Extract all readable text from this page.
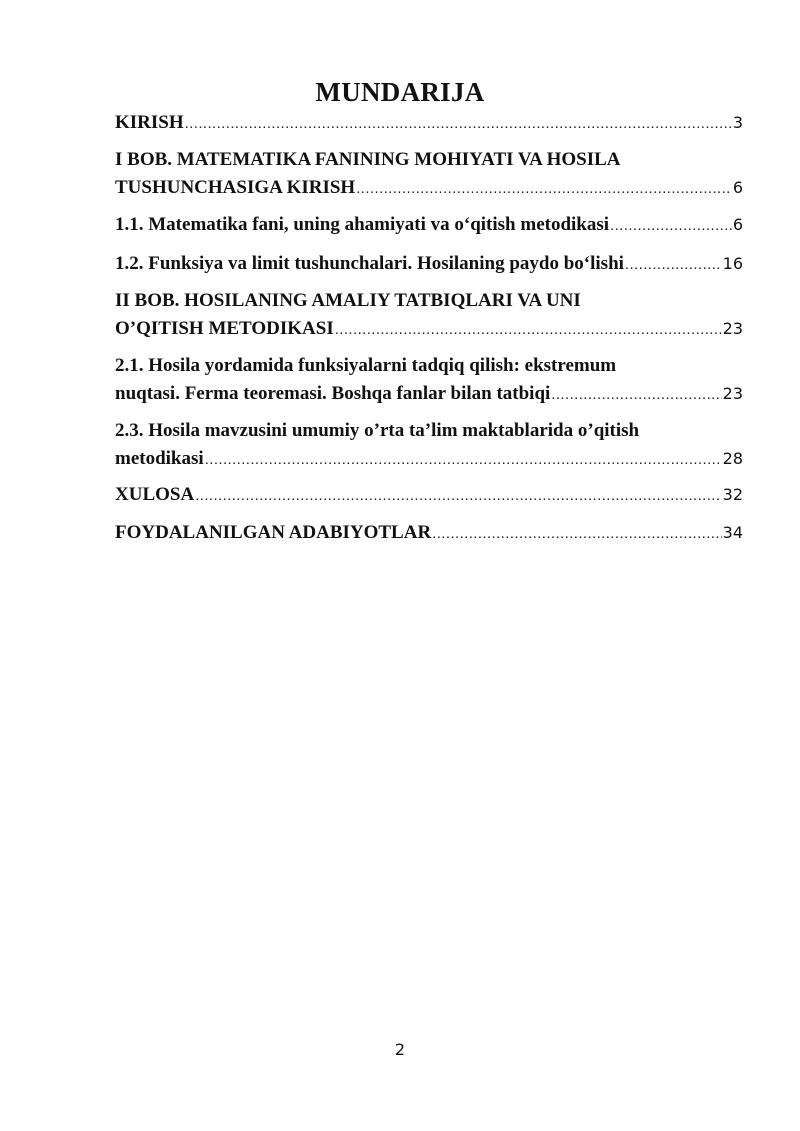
MUNDARIJA
KIRISH .....	3
I BOB. MATEMATIKA FANINING MOHIYATI VA HOSILA
TUSHUNCHASIGA KIRISH .....	6
1.1. Matematika fani, uning ahamiyati va o‘qitish metodikasi .....	6
1.2. Funksiya va limit tushunchalari. Hosilaning paydo bo‘lishi .....	16
II BOB. HOSILANING AMALIY TATBIQLARI VA UNI
O’QITISH METODIKASI .....	23
2.1. Hosila yordamida funksiyalarni tadqiq qilish: ekstremum
nuqtasi. Ferma teoremasi. Boshqa fanlar bilan tatbiqi .....	23
2.3. Hosila mavzusini umumiy o’rta ta’lim maktablarida o’qitish
metodikasi .....	28
XULOSA .....	32
FOYDALANILGAN ADABIYOTLAR .....	34
2
